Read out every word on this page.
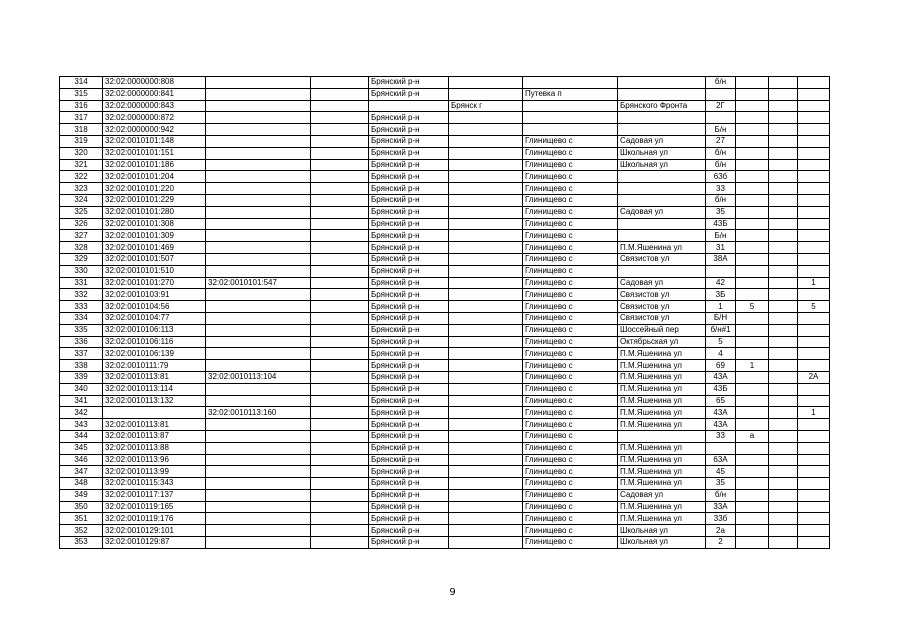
314	32:02:0000000:808			Брянский р-н				б/н			
315	32:02:0000000:841			Брянский р-н		Путевка п					
316	32:02:0000000:843				Брянск г		Брянского Фронта	2Г			
317	32:02:0000000:872			Брянский р-н							
318	32:02:0000000:942			Брянский р-н				Б/н			
319	32:02:0010101:148			Брянский р-н		Глинищево с	Садовая ул	27			
320	32:02:0010101:151			Брянский р-н		Глинищево с	Школьная ул	б/н			
321	32:02:0010101:186			Брянский р-н		Глинищево с	Школьная ул	б/н			
322	32:02:0010101:204			Брянский р-н		Глинищево с		63б			
323	32:02:0010101:220			Брянский р-н		Глинищево с		33			
324	32:02:0010101:229			Брянский р-н		Глинищево с		б/н			
325	32:02:0010101:280			Брянский р-н		Глинищево с	Садовая ул	35			
326	32:02:0010101:308			Брянский р-н		Глинищево с		43Б			
327	32:02:0010101:309			Брянский р-н		Глинищево с		Б/н			
328	32:02:0010101:469			Брянский р-н		Глинищево с	П.М.Яшенина ул	31			
329	32:02:0010101:507			Брянский р-н		Глинищево с	Связистов ул	38А			
330	32:02:0010101:510			Брянский р-н		Глинищево с					
331	32:02:0010101:270	32:02:0010101:547		Брянский р-н		Глинищево с	Садовая ул	42			1
332	32:02:0010103:91			Брянский р-н		Глинищево с	Связистов ул	3Б			
333	32:02:0010104:56			Брянский р-н		Глинищево с	Связистов ул	1	5		5
334	32:02:0010104:77			Брянский р-н		Глинищево с	Связистов ул	Б/Н			
335	32:02:0010106:113			Брянский р-н		Глинищево с	Шоссейный пер	б/н#1			
336	32:02:0010106:116			Брянский р-н		Глинищево с	Октябрьская ул	5			
337	32:02:0010106:139			Брянский р-н		Глинищево с	П.М.Яшенина ул	4			
338	32:02:0010111:79			Брянский р-н		Глинищево с	П.М.Яшенина ул	69	1		
339	32:02:0010113:81	32:02:0010113:104		Брянский р-н		Глинищево с	П.М.Яшенина ул	43А			2А
340	32:02:0010113:114			Брянский р-н		Глинищево с	П.М.Яшенина ул	43Б			
341	32:02:0010113:132			Брянский р-н		Глинищево с	П.М.Яшенина ул	65			
342		32:02:0010113:160		Брянский р-н		Глинищево с	П.М.Яшенина ул	43А			1
343	32:02:0010113:81			Брянский р-н		Глинищево с	П.М.Яшенина ул	43А			
344	32:02:0010113:87			Брянский р-н		Глинищево с		33	а		
345	32:02:0010113:88			Брянский р-н		Глинищево с	П.М.Яшенина ул				
346	32:02:0010113:96			Брянский р-н		Глинищево с	П.М.Яшенина ул	63А			
347	32:02:0010113:99			Брянский р-н		Глинищево с	П.М.Яшенина ул	45			
348	32:02:0010115:343			Брянский р-н		Глинищево с	П.М.Яшенина ул	35			
349	32:02:0010117:137			Брянский р-н		Глинищево с	Садовая ул	б/н			
350	32:02:0010119:165			Брянский р-н		Глинищево с	П.М.Яшенина ул	33А			
351	32:02:0010119:176			Брянский р-н		Глинищево с	П.М.Яшенина ул	33б			
352	32:02:0010129:101			Брянский р-н		Глинищево с	Школьная ул	2а			
353	32:02:0010129:87			Брянский р-н		Глинищево с	Школьная ул	2			
9
